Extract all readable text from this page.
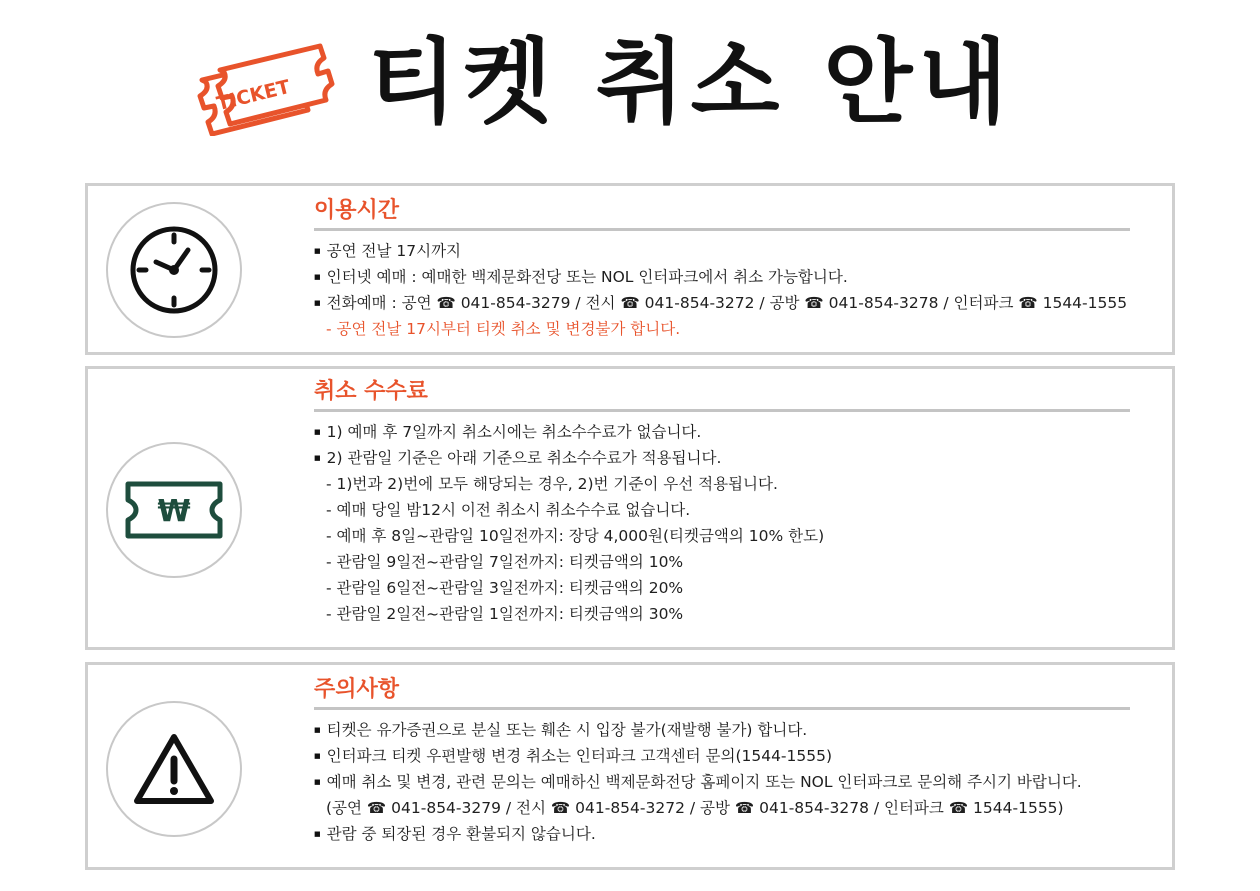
TICKET 티켓 취소 안내
이용시간
■ 공연 전날 17시까지
■ 인터넷 예매 : 예매한 백제문화전당 또는 NOL 인터파크에서 취소 가능합니다.
■ 전화예매 : 공연 ☎ 041-854-3279 / 전시 ☎ 041-854-3272 / 공방 ☎ 041-854-3278 / 인터파크 ☎ 1544-1555
- 공연 전날 17시부터 티켓 취소 및 변경불가 합니다.
₩
취소 수수료
■ 1) 예매 후 7일까지 취소시에는 취소수수료가 없습니다.
■ 2) 관람일 기준은 아래 기준으로 취소수수료가 적용됩니다.
- 1)번과 2)번에 모두 해당되는 경우, 2)번 기준이 우선 적용됩니다.
- 예매 당일 밤12시 이전 취소시 취소수수료 없습니다.
- 예매 후 8일~관람일 10일전까지: 장당 4,000원(티켓금액의 10% 한도)
- 관람일 9일전~관람일 7일전까지: 티켓금액의 10%
- 관람일 6일전~관람일 3일전까지: 티켓금액의 20%
- 관람일 2일전~관람일 1일전까지: 티켓금액의 30%
주의사항
■ 티켓은 유가증권으로 분실 또는 훼손 시 입장 불가(재발행 불가) 합니다.
■ 인터파크 티켓 우편발행 변경 취소는 인터파크 고객센터 문의(1544-1555)
■ 예매 취소 및 변경, 관련 문의는 예매하신 백제문화전당 홈페이지 또는 NOL 인터파크로 문의해 주시기 바랍니다.
(공연 ☎ 041-854-3279 / 전시 ☎ 041-854-3272 / 공방 ☎ 041-854-3278 / 인터파크 ☎ 1544-1555)
■ 관람 중 퇴장된 경우 환불되지 않습니다.
